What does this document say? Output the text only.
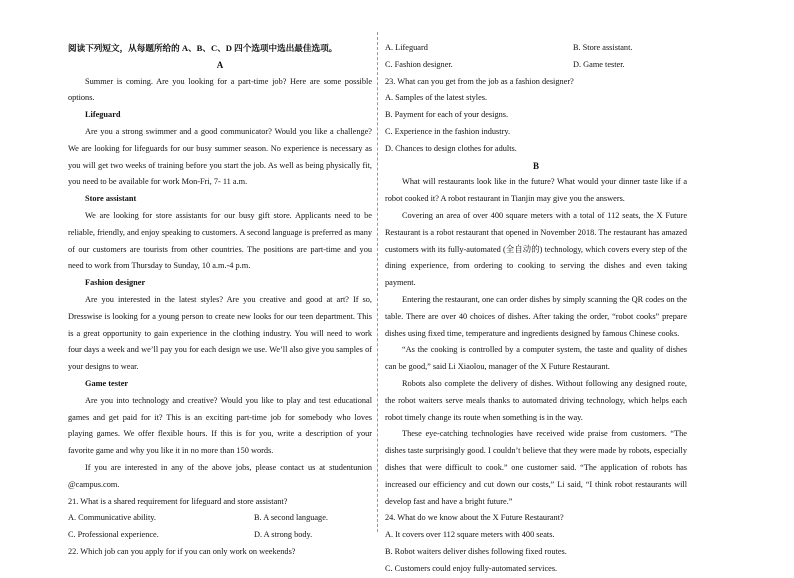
阅读下列短文，从每题所给的 A、B、C、D 四个选项中选出最佳选项。

A

Summer is coming. Are you looking for a part-time job? Here are some possible options.

Lifeguard

Are you a strong swimmer and a good communicator? Would you like a challenge? We are looking for lifeguards for our busy summer season. No experience is necessary as you will get two weeks of training before you start the job. As well as being physically fit, you need to be available for work Mon-Fri, 7- 11 a.m.

Store assistant

We are looking for store assistants for our busy gift store. Applicants need to be reliable, friendly, and enjoy speaking to customers. A second language is preferred as many of our customers are tourists from other countries. The positions are part-time and you need to work from Thursday to Sunday, 10 a.m.-4 p.m.

Fashion designer

Are you interested in the latest styles? Are you creative and good at art? If so, Dresswise is looking for a young person to create new looks for our teen department. This is a great opportunity to gain experience in the clothing industry. You will need to work four days a week and we’ll pay you for each design we use. We’ll also give you samples of your designs to wear.

Game tester

Are you into technology and creative? Would you like to play and test educational games and get paid for it? This is an exciting part-time job for somebody who loves playing games. We offer flexible hours. If this is for you, write a description of your favorite game and why you like it in no more than 150 words.

If you are interested in any of the above jobs, please contact us at studentunion @campus.com.

21. What is a shared requirement for lifeguard and store assistant?

A. Communicative ability.	B. A second language.
C. Professional experience.	D. A strong body.

22. Which job can you apply for if you can only work on weekends?

A. Lifeguard	B. Store assistant.
C. Fashion designer.	D. Game tester.

23. What can you get from the job as a fashion designer?

A. Samples of the latest styles.

B. Payment for each of your designs.

C. Experience in the fashion industry.

D. Chances to design clothes for adults.

B

What will restaurants look like in the future? What would your dinner taste like if a robot cooked it? A robot restaurant in Tianjin may give you the answers.

Covering an area of over 400 square meters with a total of 112 seats, the X Future Restaurant is a robot restaurant that opened in November 2018. The restaurant has amazed customers with its fully-automated (全自动的) technology, which covers every step of the dining experience, from ordering to cooking to serving the dishes and even taking payment.

Entering the restaurant, one can order dishes by simply scanning the QR codes on the table. There are over 40 choices of dishes. After taking the order, “robot cooks” prepare dishes using fixed time, temperature and ingredients designed by famous Chinese cooks.

“As the cooking is controlled by a computer system, the taste and quality of dishes can be good,” said Li Xiaolou, manager of the X Future Restaurant.

Robots also complete the delivery of dishes. Without following any designed route, the robot waiters serve meals thanks to automated driving technology, which helps each robot timely change its route when something is in the way.

These eye-catching technologies have received wide praise from customers. “The dishes taste surprisingly good. I couldn’t believe that they were made by robots, especially dishes that were difficult to cook.” one customer said. “The application of robots has increased our efficiency and cut down our costs,” Li said, “I think robot restaurants will develop fast and have a bright future.”

24. What do we know about the X Future Restaurant?

A. It covers over 112 square meters with 400 seats.

B. Robot waiters deliver dishes following fixed routes.

C. Customers could enjoy fully-automated services.
